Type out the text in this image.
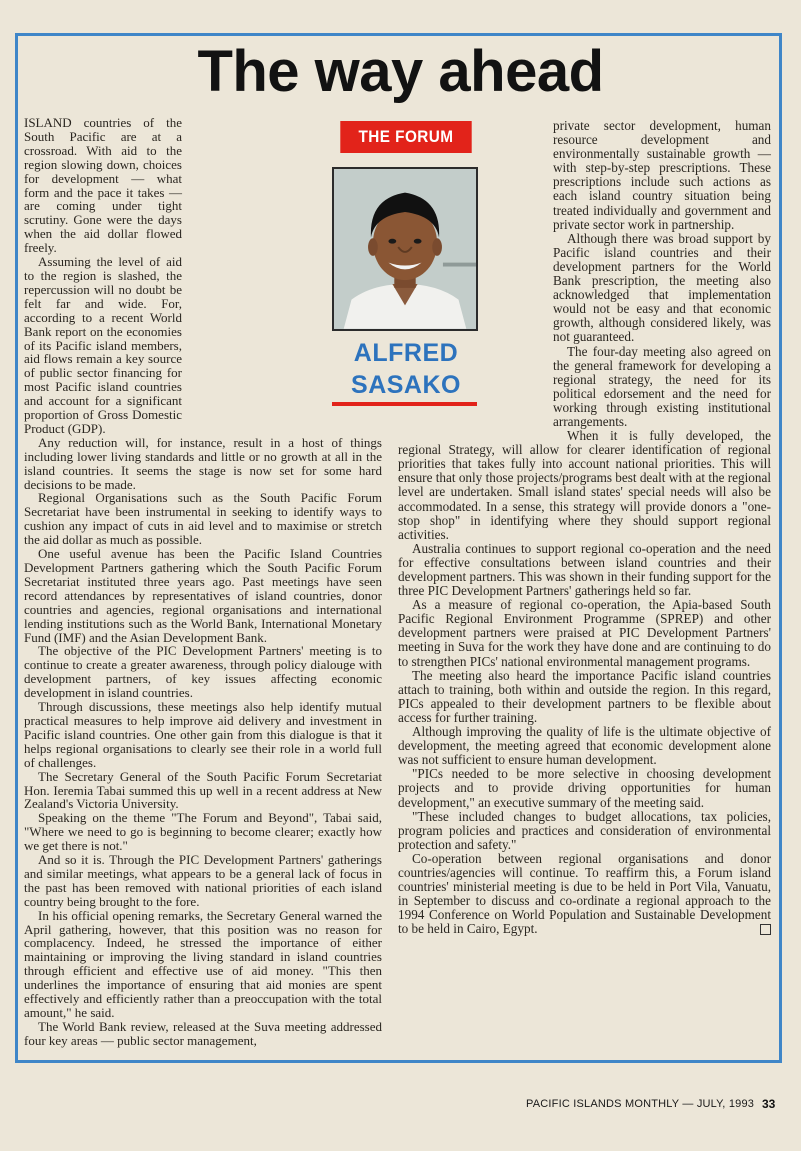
The way ahead
THE FORUM
ALFRED
SASAKO

ISLAND countries of the South Pacific are at a crossroad. With aid to the region slowing down, choices for development — what form and the pace it takes — are coming under tight scrutiny. Gone were the days when the aid dollar flowed freely.

Assuming the level of aid to the region is slashed, the repercussion will no doubt be felt far and wide. For, according to a recent World Bank report on the economies of its Pacific island members, aid flows remain a key source of public sector financing for most Pacific island countries and account for a significant proportion of Gross Domestic Product (GDP).

Any reduction will, for instance, result in a host of things including lower living standards and little or no growth at all in the island countries. It seems the stage is now set for some hard decisions to be made.

Regional Organisations such as the South Pacific Forum Secretariat have been instrumental in seeking to identify ways to cushion any impact of cuts in aid level and to maximise or stretch the aid dollar as much as possible.

One useful avenue has been the Pacific Island Countries Development Partners gathering which the South Pacific Forum Secretariat instituted three years ago. Past meetings have seen record attendances by representatives of island countries, donor countries and agencies, regional organisations and international lending institutions such as the World Bank, International Monetary Fund (IMF) and the Asian Development Bank.

The objective of the PIC Development Partners' meeting is to continue to create a greater awareness, through policy dialouge with development partners, of key issues affecting economic development in island countries.

Through discussions, these meetings also help identify mutual practical measures to help improve aid delivery and investment in Pacific island countries. One other gain from this dialogue is that it helps regional organisations to clearly see their role in a world full of challenges.

The Secretary General of the South Pacific Forum Secretariat Hon. Ieremia Tabai summed this up well in a recent address at New Zealand's Victoria University.

Speaking on the theme "The Forum and Beyond", Tabai said, "Where we need to go is beginning to become clearer; exactly how we get there is not."

And so it is. Through the PIC Development Partners' gatherings and similar meetings, what appears to be a general lack of focus in the past has been removed with national priorities of each island country being brought to the fore.

In his official opening remarks, the Secretary General warned the April gathering, however, that this position was no reason for complacency. Indeed, he stressed the importance of either maintaining or improving the living standard in island countries through efficient and effective use of aid money. "This then underlines the importance of ensuring that aid monies are spent effectively and efficiently rather than a preoccupation with the total amount," he said.

The World Bank review, released at the Suva meeting addressed four key areas — public sector management,

private sector development, human resource development and environmentally sustainable growth — with step-by-step prescriptions. These prescriptions include such actions as each island country situation being treated individually and government and private sector work in partnership.

Although there was broad support by Pacific island countries and their development partners for the World Bank prescription, the meeting also acknowledged that implementation would not be easy and that economic growth, although considered likely, was not guaranteed.

The four-day meeting also agreed on the general framework for developing a regional strategy, the need for its political edorsement and the need for working through existing institutional arrangements.

When it is fully developed, the regional Strategy, will allow for clearer identification of regional priorities that takes fully into account national priorities. This will ensure that only those projects/programs best dealt with at the regional level are undertaken. Small island states' special needs will also be accommodated. In a sense, this strategy will provide donors a "one-stop shop" in identifying where they should support regional activities.

Australia continues to support regional co-operation and the need for effective consultations between island countries and their development partners. This was shown in their funding support for the three PIC Development Partners' gatherings held so far.

As a measure of regional co-operation, the Apia-based South Pacific Regional Environment Programme (SPREP) and other development partners were praised at PIC Development Partners' meeting in Suva for the work they have done and are continuing to do to strengthen PICs' national environmental management programs.

The meeting also heard the importance Pacific island countries attach to training, both within and outside the region. In this regard, PICs appealed to their development partners to be flexible about access for further training.

Although improving the quality of life is the ultimate objective of development, the meeting agreed that economic development alone was not sufficient to ensure human development.

"PICs needed to be more selective in choosing development projects and to provide driving opportunities for human development," an executive summary of the meeting said.

"These included changes to budget allocations, tax policies, program policies and practices and consideration of environmental protection and safety."

Co-operation between regional organisations and donor countries/agencies will continue. To reaffirm this, a Forum island countries' ministerial meeting is due to be held in Port Vila, Vanuatu, in September to discuss and co-ordinate a regional approach to the 1994 Conference on World Population and Sustainable Development to be held in Cairo, Egypt.

PACIFIC ISLANDS MONTHLY — JULY, 1993 33
